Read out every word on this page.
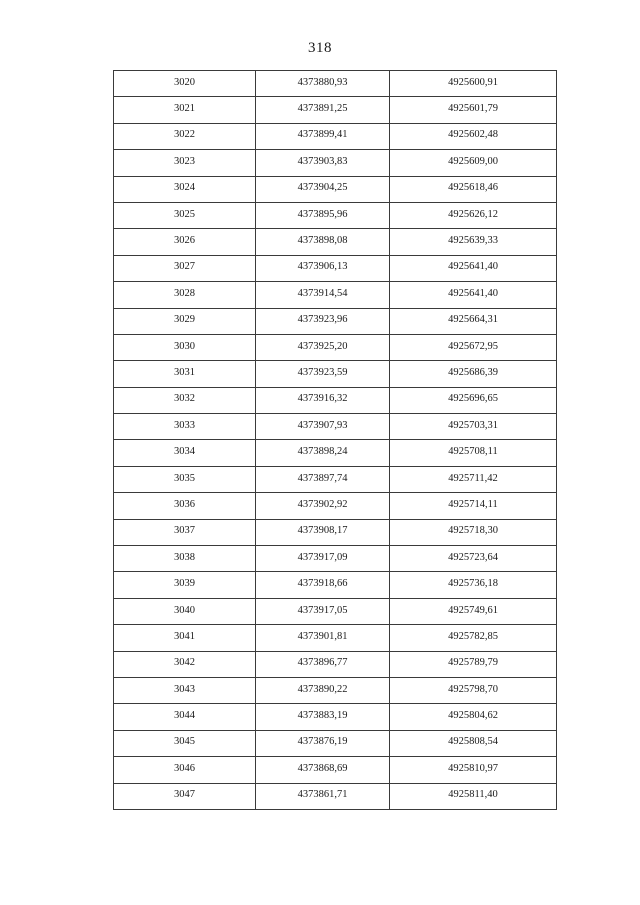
318
3020	4373880,93	4925600,91
3021	4373891,25	4925601,79
3022	4373899,41	4925602,48
3023	4373903,83	4925609,00
3024	4373904,25	4925618,46
3025	4373895,96	4925626,12
3026	4373898,08	4925639,33
3027	4373906,13	4925641,40
3028	4373914,54	4925641,40
3029	4373923,96	4925664,31
3030	4373925,20	4925672,95
3031	4373923,59	4925686,39
3032	4373916,32	4925696,65
3033	4373907,93	4925703,31
3034	4373898,24	4925708,11
3035	4373897,74	4925711,42
3036	4373902,92	4925714,11
3037	4373908,17	4925718,30
3038	4373917,09	4925723,64
3039	4373918,66	4925736,18
3040	4373917,05	4925749,61
3041	4373901,81	4925782,85
3042	4373896,77	4925789,79
3043	4373890,22	4925798,70
3044	4373883,19	4925804,62
3045	4373876,19	4925808,54
3046	4373868,69	4925810,97
3047	4373861,71	4925811,40
